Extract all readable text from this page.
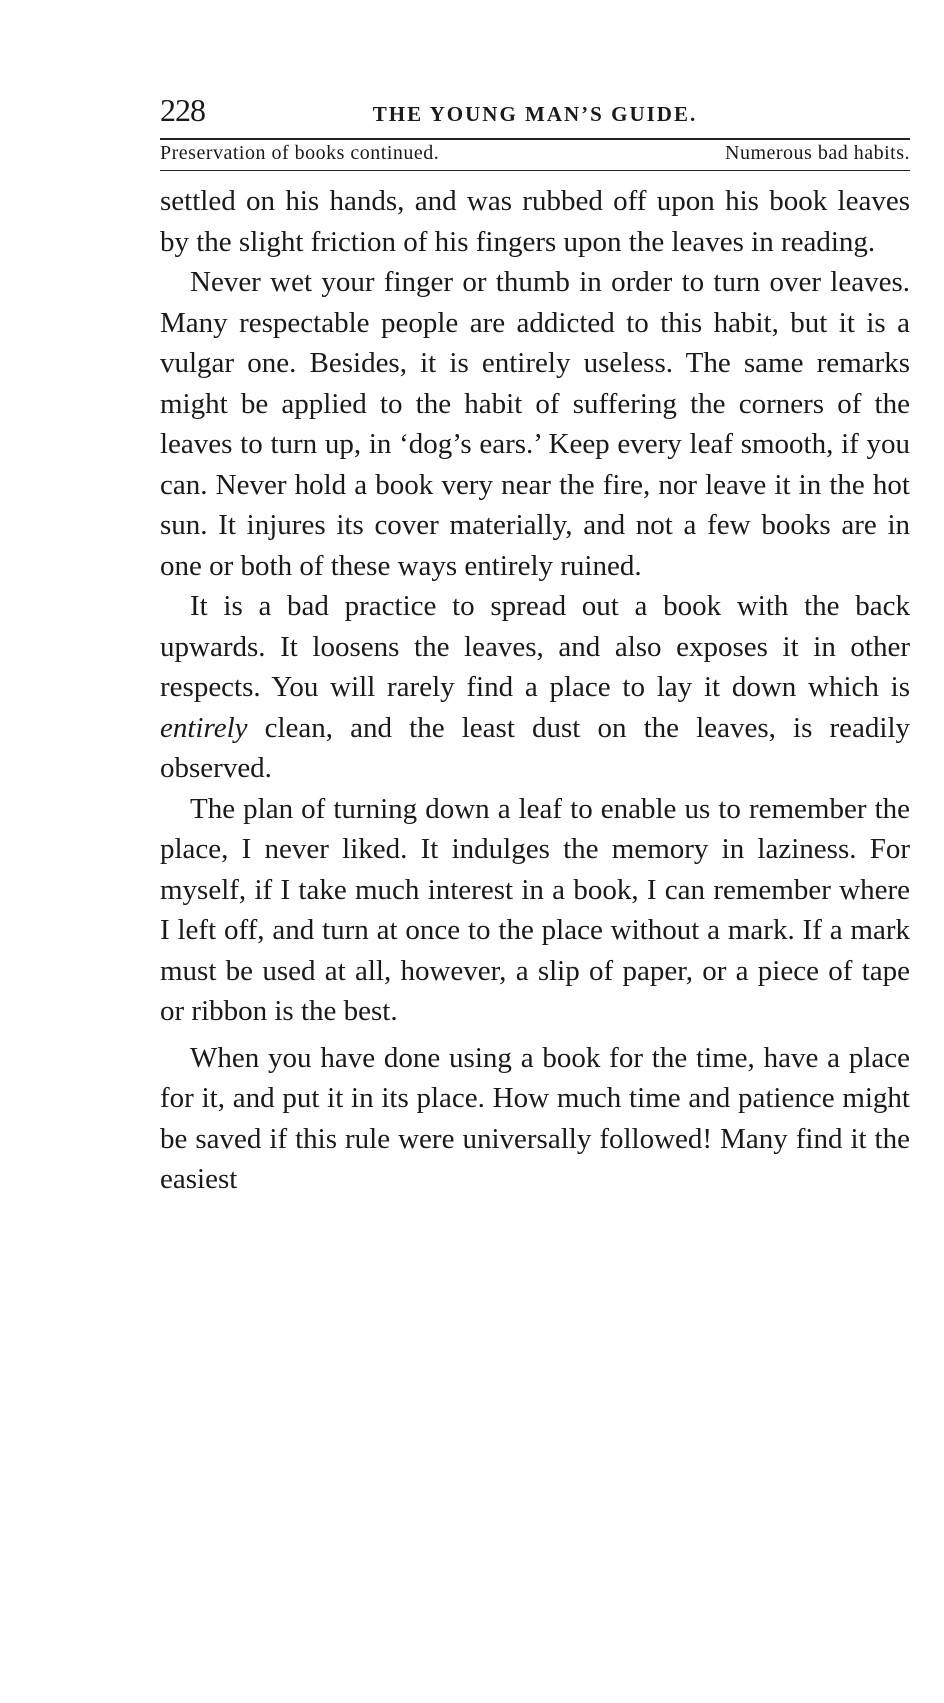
228	THE YOUNG MAN’S GUIDE.
Preservation of books continued.	Numerous bad habits.

settled on his hands, and was rubbed off upon his book leaves by the slight friction of his fingers upon the leaves in reading.

Never wet your finger or thumb in order to turn over leaves. Many respectable people are addicted to this habit, but it is a vulgar one. Besides, it is entirely useless. The same remarks might be applied to the habit of suffering the corners of the leaves to turn up, in ‘dog’s ears.’ Keep every leaf smooth, if you can. Never hold a book very near the fire, nor leave it in the hot sun. It injures its cover materially, and not a few books are in one or both of these ways entirely ruined.

It is a bad practice to spread out a book with the back upwards. It loosens the leaves, and also exposes it in other respects. You will rarely find a place to lay it down which is entirely clean, and the least dust on the leaves, is readily observed.

The plan of turning down a leaf to enable us to remember the place, I never liked. It indulges the memory in laziness. For myself, if I take much interest in a book, I can remember where I left off, and turn at once to the place without a mark. If a mark must be used at all, however, a slip of paper, or a piece of tape or ribbon is the best.

When you have done using a book for the time, have a place for it, and put it in its place. How much time and patience might be saved if this rule were universally followed! Many find it the easiest
